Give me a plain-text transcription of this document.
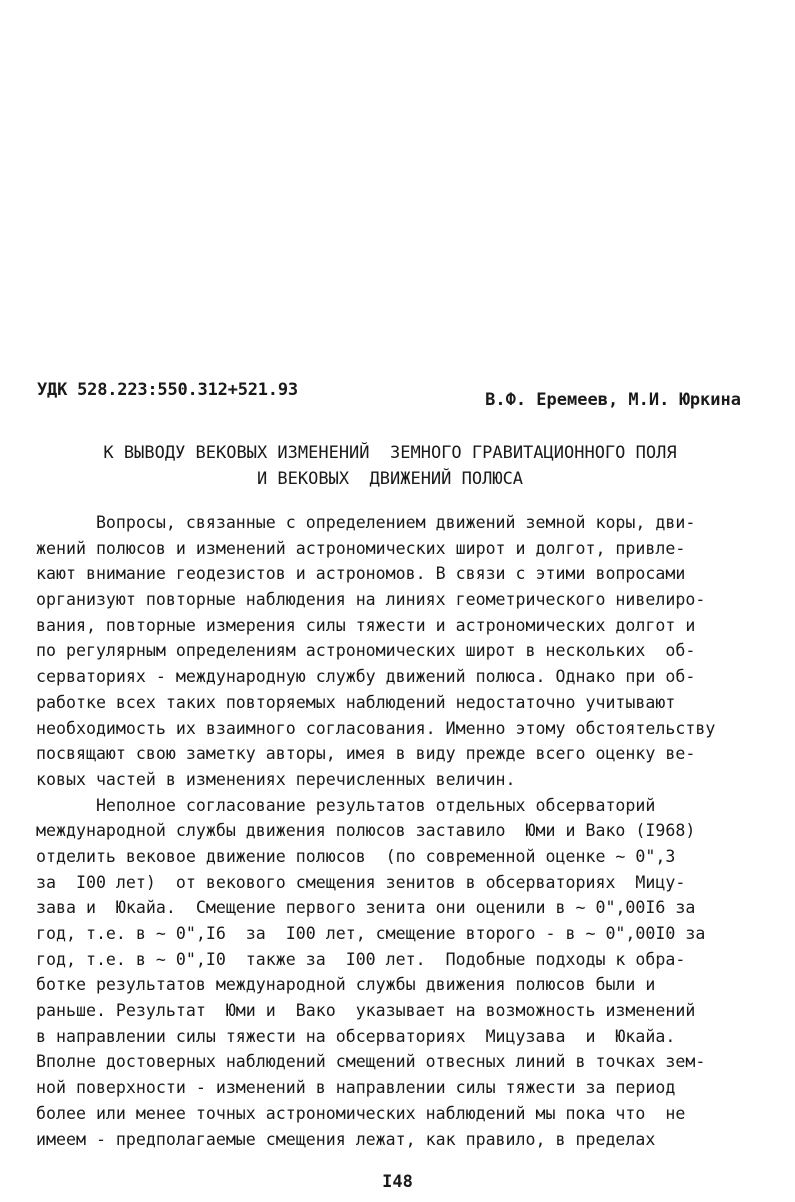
УДК 528.223:550.312+521.93	В.Ф. Еремеев, М.И. Юркина
К ВЫВОДУ ВЕКОВЫХ ИЗМЕНЕНИЙ  ЗЕМНОГО ГРАВИТАЦИОННОГО ПОЛЯ
И ВЕКОВЫХ  ДВИЖЕНИЙ ПОЛЮСА
Вопросы, связанные с определением движений земной коры, дви-
жений полюсов и изменений астрономических широт и долгот, привле-
кают внимание геодезистов и астрономов. В связи с этими вопросами
организуют повторные наблюдения на линиях геометрического нивелиро-
вания, повторные измерения силы тяжести и астрономических долгот и
по регулярным определениям астрономических широт в нескольких  об-
серваториях - международную службу движений полюса. Однако при об-
работке всех таких повторяемых наблюдений недостаточно учитывают
необходимость их взаимного согласования. Именно этому обстоятельству
посвящают свою заметку авторы, имея в виду прежде всего оценку ве-
ковых частей в изменениях перечисленных величин.
Неполное согласование результатов отдельных обсерваторий
международной службы движения полюсов заставило  Юми и Вако (I968)
отделить вековое движение полюсов  (по современной оценке ~ 0",3
за  I00 лет)  от векового смещения зенитов в обсерваториях  Мицу-
зава и  Юкайа.  Смещение первого зенита они оценили в ~ 0",00I6 за
год, т.е. в ~ 0",I6  за  I00 лет, смещение второго - в ~ 0",00I0 за
год, т.е. в ~ 0",I0  также за  I00 лет.  Подобные подходы к обра-
ботке результатов международной службы движения полюсов были и
раньше. Результат  Юми и  Вако  указывает на возможность изменений
в направлении силы тяжести на обсерваториях  Мицузава  и  Юкайа.
Вполне достоверных наблюдений смещений отвесных линий в точках зем-
ной поверхности - изменений в направлении силы тяжести за период
более или менее точных астрономических наблюдений мы пока что  не
имеем - предполагаемые смещения лежат, как правило, в пределах
I48
